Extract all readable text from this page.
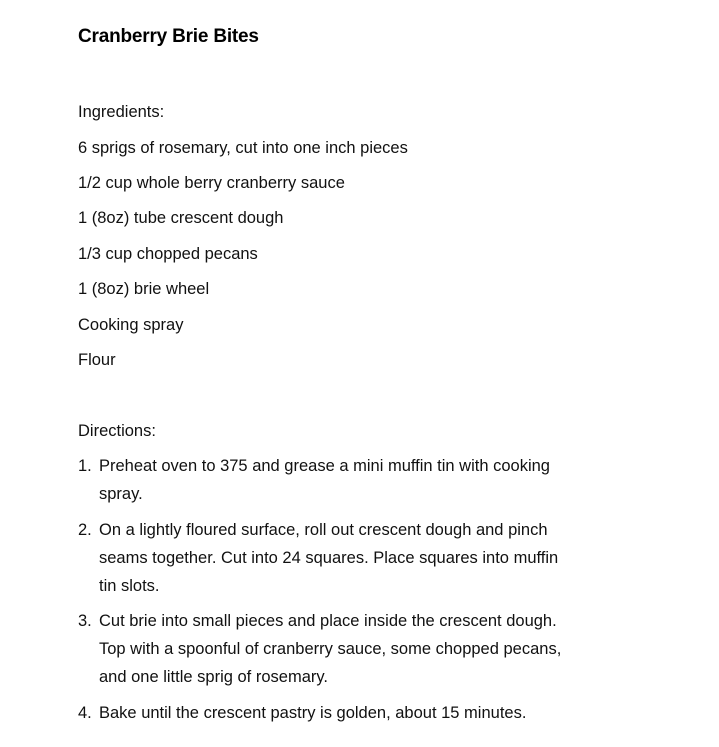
Cranberry Brie Bites
Ingredients:
6 sprigs of rosemary, cut into one inch pieces
1/2 cup whole berry cranberry sauce
1 (8oz) tube crescent dough
1/3 cup chopped pecans
1 (8oz) brie wheel
Cooking spray
Flour
Directions:
1. Preheat oven to 375 and grease a mini muffin tin with cooking
spray.
2. On a lightly floured surface, roll out crescent dough and pinch
seams together. Cut into 24 squares. Place squares into muffin
tin slots.
3. Cut brie into small pieces and place inside the crescent dough.
Top with a spoonful of cranberry sauce, some chopped pecans,
and one little sprig of rosemary.
4. Bake until the crescent pastry is golden, about 15 minutes.
